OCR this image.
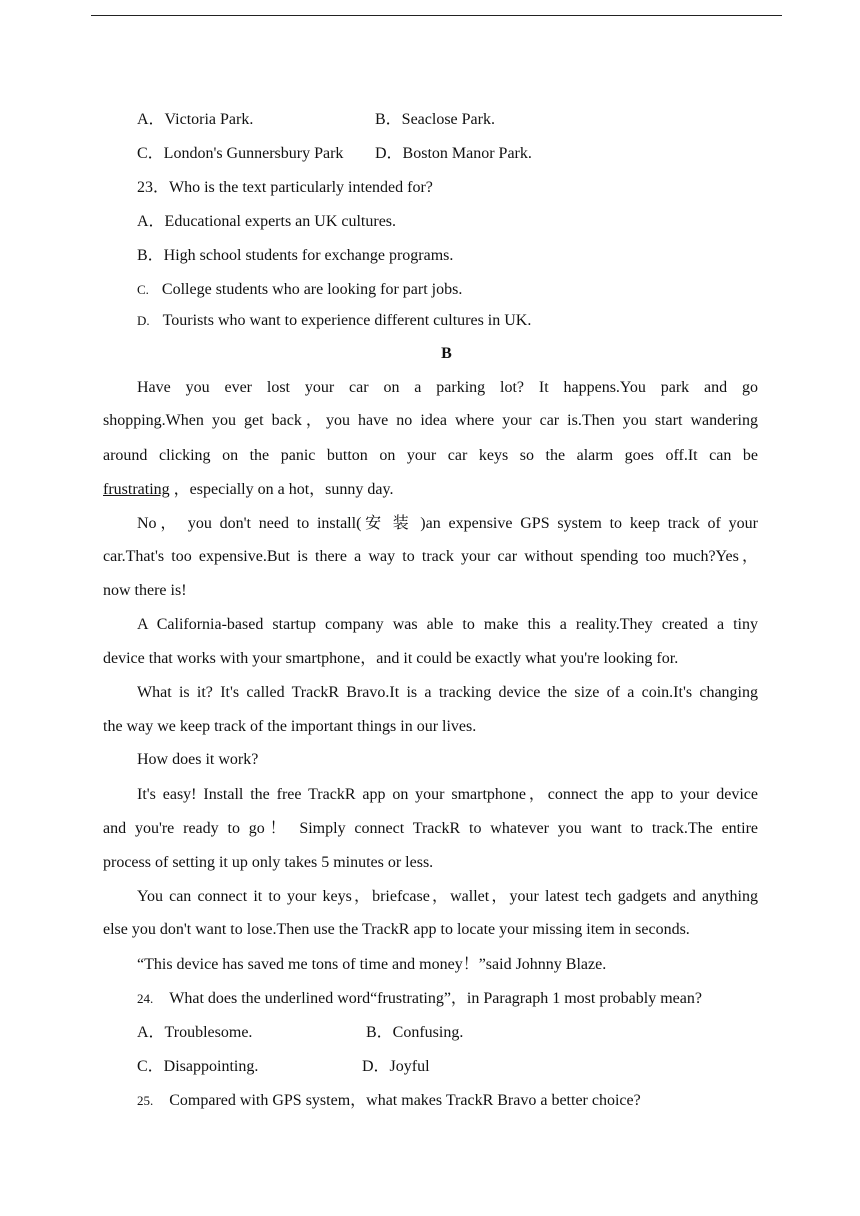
A．Victoria Park.	B．Seaclose Park.
C．London's Gunnersbury Park D．Boston Manor Park.
23．Who is the text particularly intended for?
A．Educational experts an UK cultures.
B．High school students for exchange programs.
C. College students who are looking for part jobs.
D. Tourists who want to experience different cultures in UK.
B
Have you ever lost your car on a parking lot? It happens.You park and go
shopping.When you get back，you have no idea where your car is.Then you start wandering
around clicking on the panic button on your car keys so the alarm goes off.It can be
frustrating ，especially on a hot，sunny day.
No， you don't need to install(安 装 )an expensive GPS system to keep track of your
car.That's too expensive.But is there a way to track your car without spending too much?Yes，
now there is!
A California‐based startup company was able to make this a reality.They created a tiny
device that works with your smartphone，and it could be exactly what you're looking for.
What is it? It's called TrackR Bravo.It is a tracking device the size of a coin.It's changing
the way we keep track of the important things in our lives.
How does it work?
It's easy! Install the free TrackR app on your smartphone，connect the app to your device
and you're ready to go！ Simply connect TrackR to whatever you want to track.The entire
process of setting it up only takes 5 minutes or less.
You can connect it to your keys，briefcase，wallet，your latest tech gadgets and anything
else you don't want to lose.Then use the TrackR app to locate your missing item in seconds.
“This device has saved me tons of time and money！”said Johnny Blaze.
24. What does the underlined word“frustrating”，in Paragraph 1 most probably mean?
A．Troublesome.	B．Confusing.
C．Disappointing.	D．Joyful
25. Compared with GPS system，what makes TrackR Bravo a better choice?
